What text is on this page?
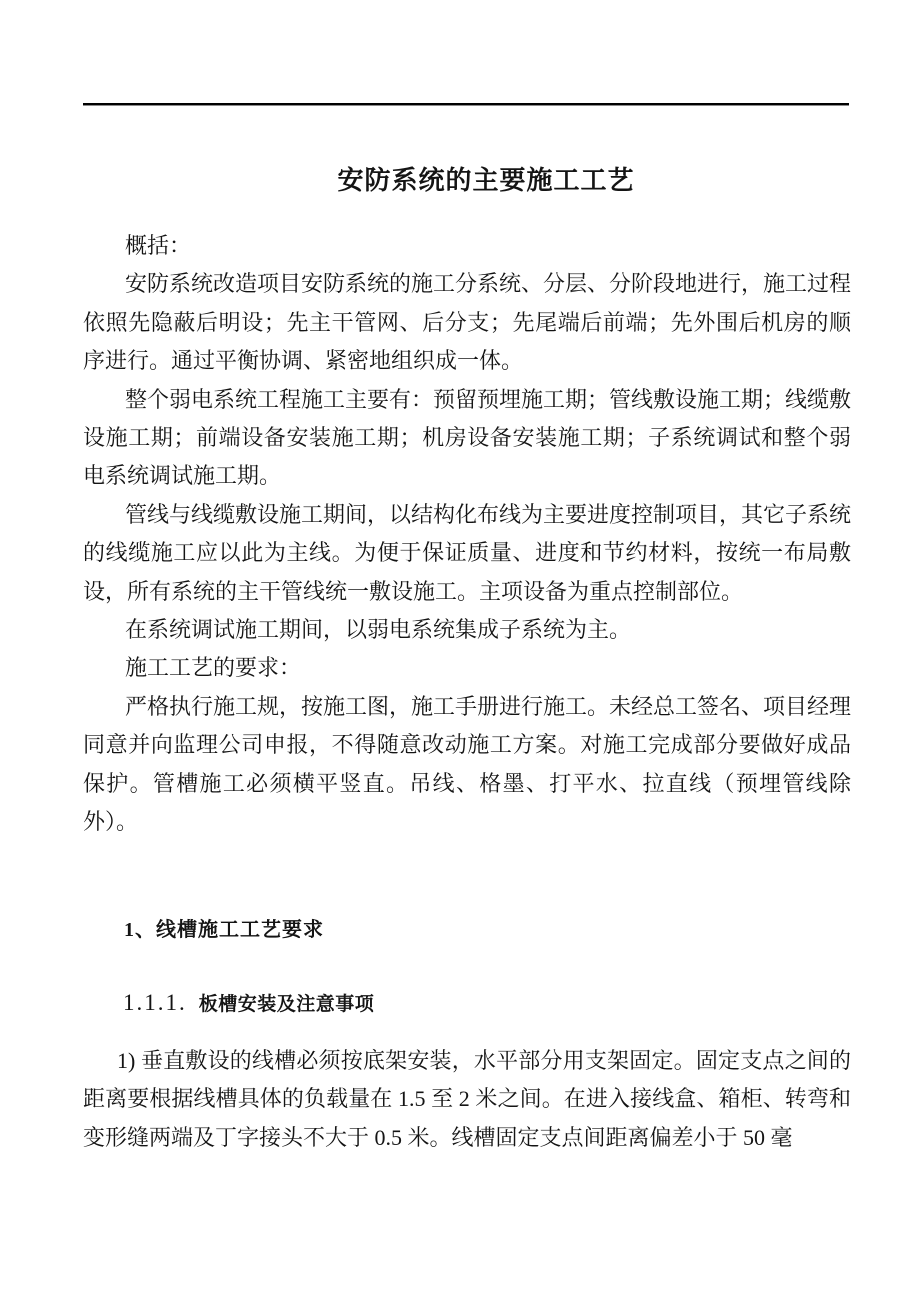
安防系统的主要施工工艺

概括：

安防系统改造项目安防系统的施工分系统、分层、分阶段地进行，施工过程依照先隐蔽后明设；先主干管网、后分支；先尾端后前端；先外围后机房的顺序进行。通过平衡协调、紧密地组织成一体。

整个弱电系统工程施工主要有：预留预埋施工期；管线敷设施工期；线缆敷设施工期；前端设备安装施工期；机房设备安装施工期；子系统调试和整个弱电系统调试施工期。

管线与线缆敷设施工期间，以结构化布线为主要进度控制项目，其它子系统的线缆施工应以此为主线。为便于保证质量、进度和节约材料，按统一布局敷设，所有系统的主干管线统一敷设施工。主项设备为重点控制部位。

在系统调试施工期间，以弱电系统集成子系统为主。

施工工艺的要求：

严格执行施工规，按施工图，施工手册进行施工。未经总工签名、项目经理同意并向监理公司申报，不得随意改动施工方案。对施工完成部分要做好成品保护。管槽施工必须横平竖直。吊线、格墨、打平水、拉直线（预埋管线除外）。

1、线槽施工工艺要求
1.1.1. 板槽安装及注意事项

1) 垂直敷设的线槽必须按底架安装，水平部分用支架固定。固定支点之间的距离要根据线槽具体的负载量在 1.5 至 2 米之间。在进入接线盒、箱柜、转弯和变形缝两端及丁字接头不大于 0.5 米。线槽固定支点间距离偏差小于 50 毫
